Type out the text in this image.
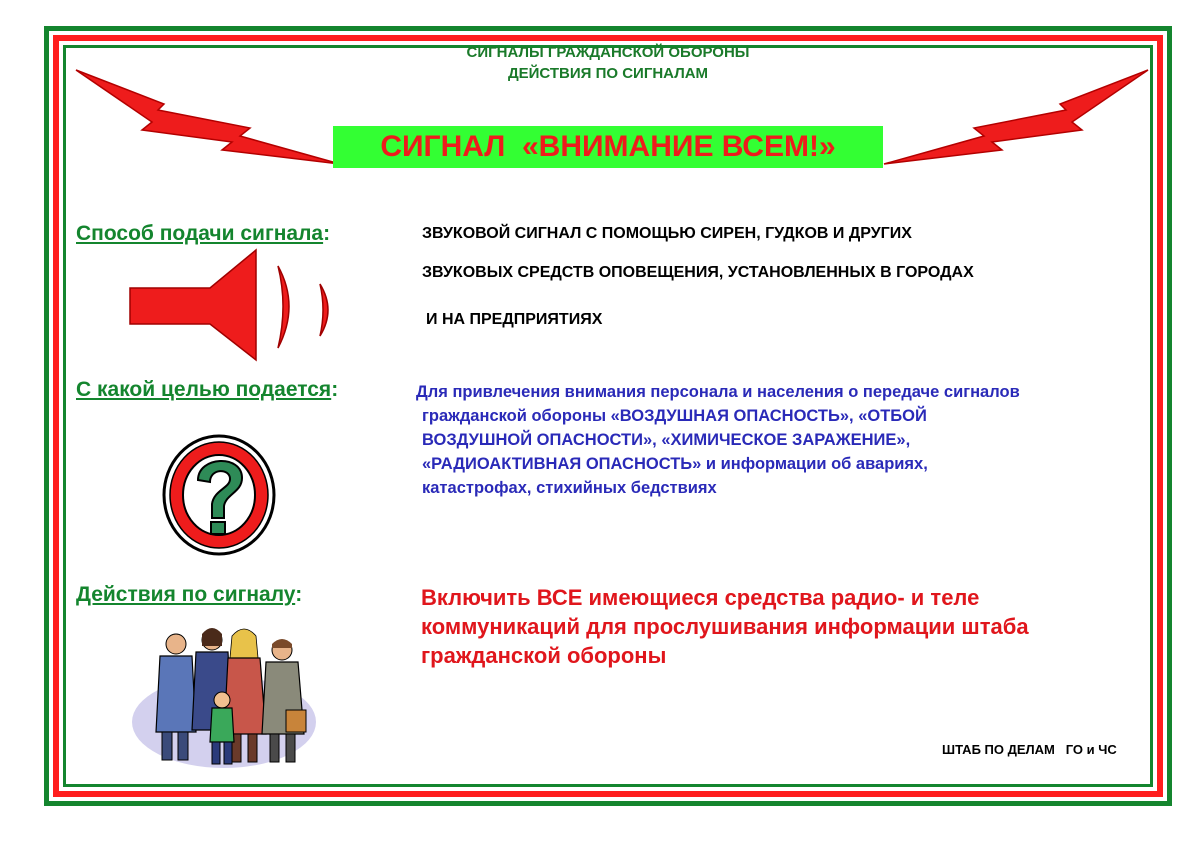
СИГНАЛЫ ГРАЖДАНСКОЙ ОБОРОНЫ
ДЕЙСТВИЯ ПО СИГНАЛАМ
СИГНАЛ  «ВНИМАНИЕ ВСЕМ!»
Способ подачи сигнала:	ЗВУКОВОЙ СИГНАЛ С ПОМОЩЬЮ СИРЕН, ГУДКОВ И ДРУГИХ
ЗВУКОВЫХ СРЕДСТВ ОПОВЕЩЕНИЯ, УСТАНОВЛЕННЫХ В ГОРОДАХ
И НА ПРЕДПРИЯТИЯХ
С какой целью подается:	Для привлечения внимания персонала и населения о передаче сигналов
гражданской обороны «ВОЗДУШНАЯ ОПАСНОСТЬ», «ОТБОЙ
ВОЗДУШНОЙ ОПАСНОСТИ», «ХИМИЧЕСКОЕ ЗАРАЖЕНИЕ»,
«РАДИОАКТИВНАЯ ОПАСНОСТЬ» и информации об авариях,
катастрофах, стихийных бедствиях
Действия по сигналу:	Включить ВСЕ имеющиеся средства радио- и теле
коммуникаций для прослушивания информации штаба
гражданской обороны
ШТАБ ПО ДЕЛАМ   ГО и ЧС
